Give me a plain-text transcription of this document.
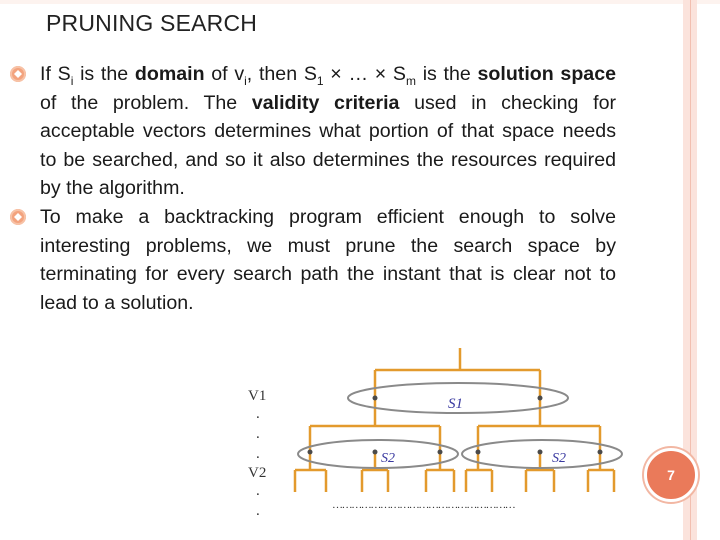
PRUNING SEARCH

If $S_i$ is the domain of $v_i$, then $S_1$ × … × $S_m$ is the solution space of the problem. The validity criteria used in checking for acceptable vectors determines what portion of that space needs to be searched, and so it also determines the resources required by the algorithm.

To make a backtracking program efficient enough to solve interesting problems, we must prune the search space by terminating for every search path the instant that is clear not to lead to a solution.

S1
S2	S2
V1
.
.
.
V2
.
.	…………………………………………………
7
